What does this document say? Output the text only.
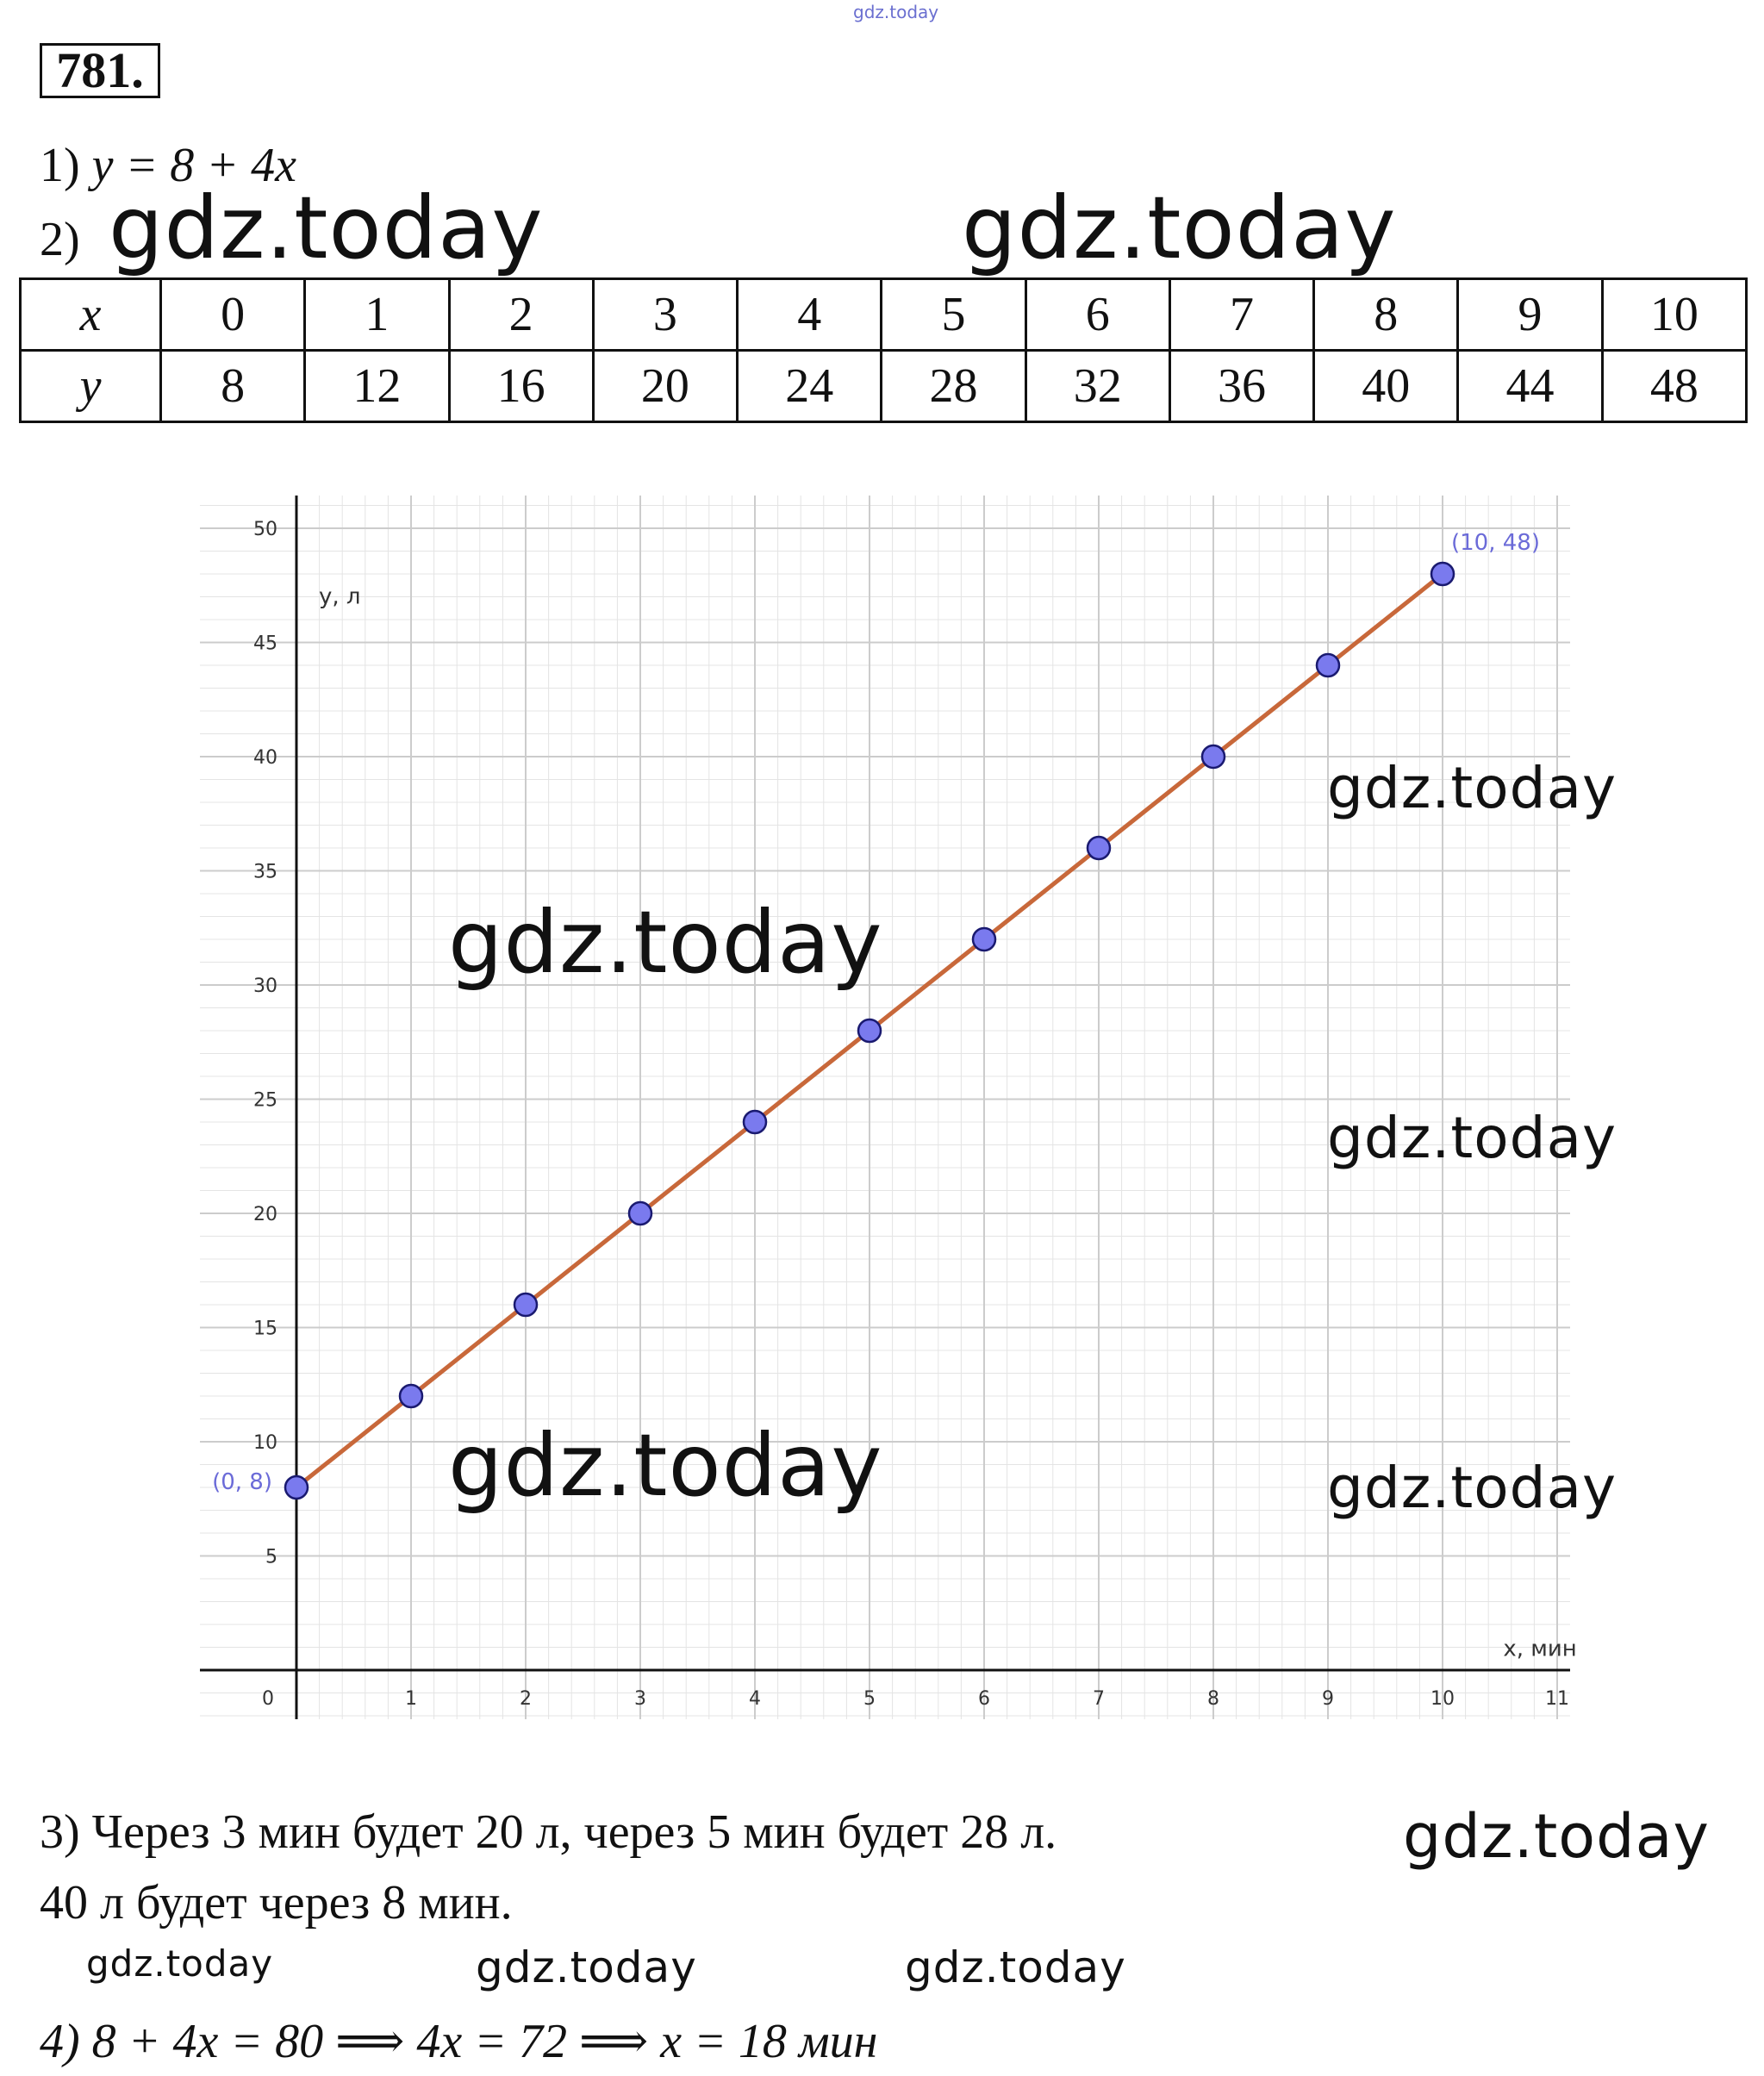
gdz.today
781.
1) y = 8 + 4x
2) gdz.today	gdz.today
x	0	1	2	3	4	5	6	7	8	9	10
y	8	12	16	20	24	28	32	36	40	44	48
1	2	3	4	5	6	7	8	9	10	11
0
5
10
15
20
25
30
35
40
45
50
y, л
x, мин
(0, 8)
(10, 48)
gdz.today
gdz.today
gdz.today
gdz.today	gdz.today
3) Через 3 мин будет 20 л, через 5 мин будет 28 л.	gdz.today
40 л будет через 8 мин.
gdz.today	gdz.today	gdz.today
4) 8 + 4x = 80 ⟹ 4x = 72 ⟹ x = 18 мин
